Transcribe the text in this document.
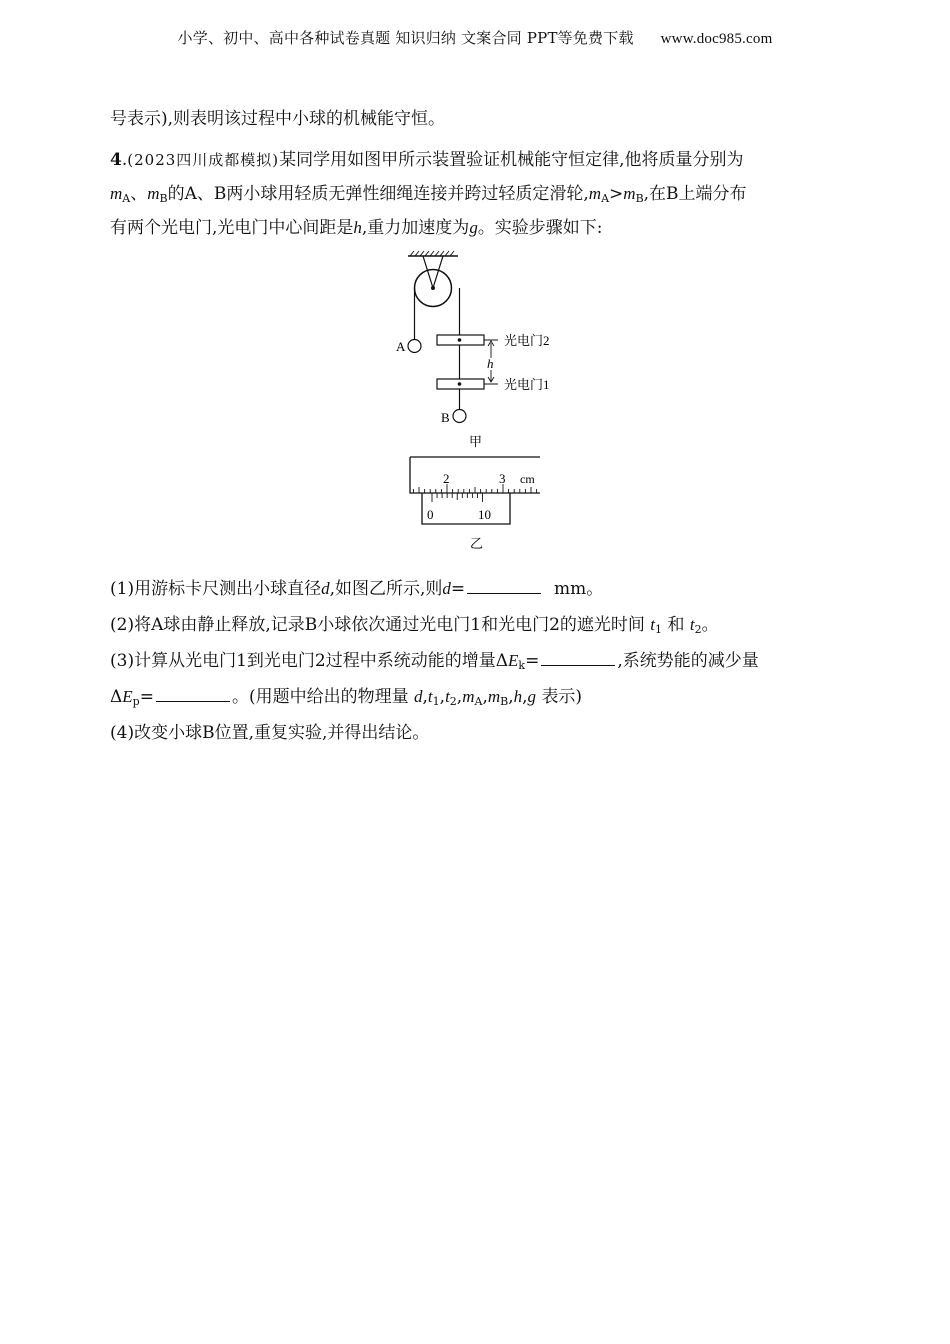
小学、初中、高中各种试卷真题 知识归纳 文案合同 PPT等免费下载 www.doc985.com
号表示),则表明该过程中小球的机械能守恒。
4.(2023四川成都模拟)某同学用如图甲所示装置验证机械能守恒定律,他将质量分别为
$m_A$、$m_B$的A、B两小球用轻质无弹性细绳连接并跨过轻质定滑轮$,m_A>m_B$,在B上端分布
有两个光电门,光电门中心间距是h,重力加速度为g。实验步骤如下:
A
B
光电门2
光电门1
h
甲
2	3 cm
0	10
乙
(1)用游标卡尺测出小球直径d,如图乙所示,则d=	mm。
(2)将A球由静止释放,记录B小球依次通过光电门1和光电门2的遮光时间 $t_1$ 和 $t_2$。
(3)计算从光电门1到光电门2过程中系统动能的增量$\Delta E_k=$	,系统势能的减少量
$\Delta E_p=$	。(用题中给出的物理量 $d,t_1,t_2,m_A,m_B,h,g$ 表示)
(4)改变小球B位置,重复实验,并得出结论。
